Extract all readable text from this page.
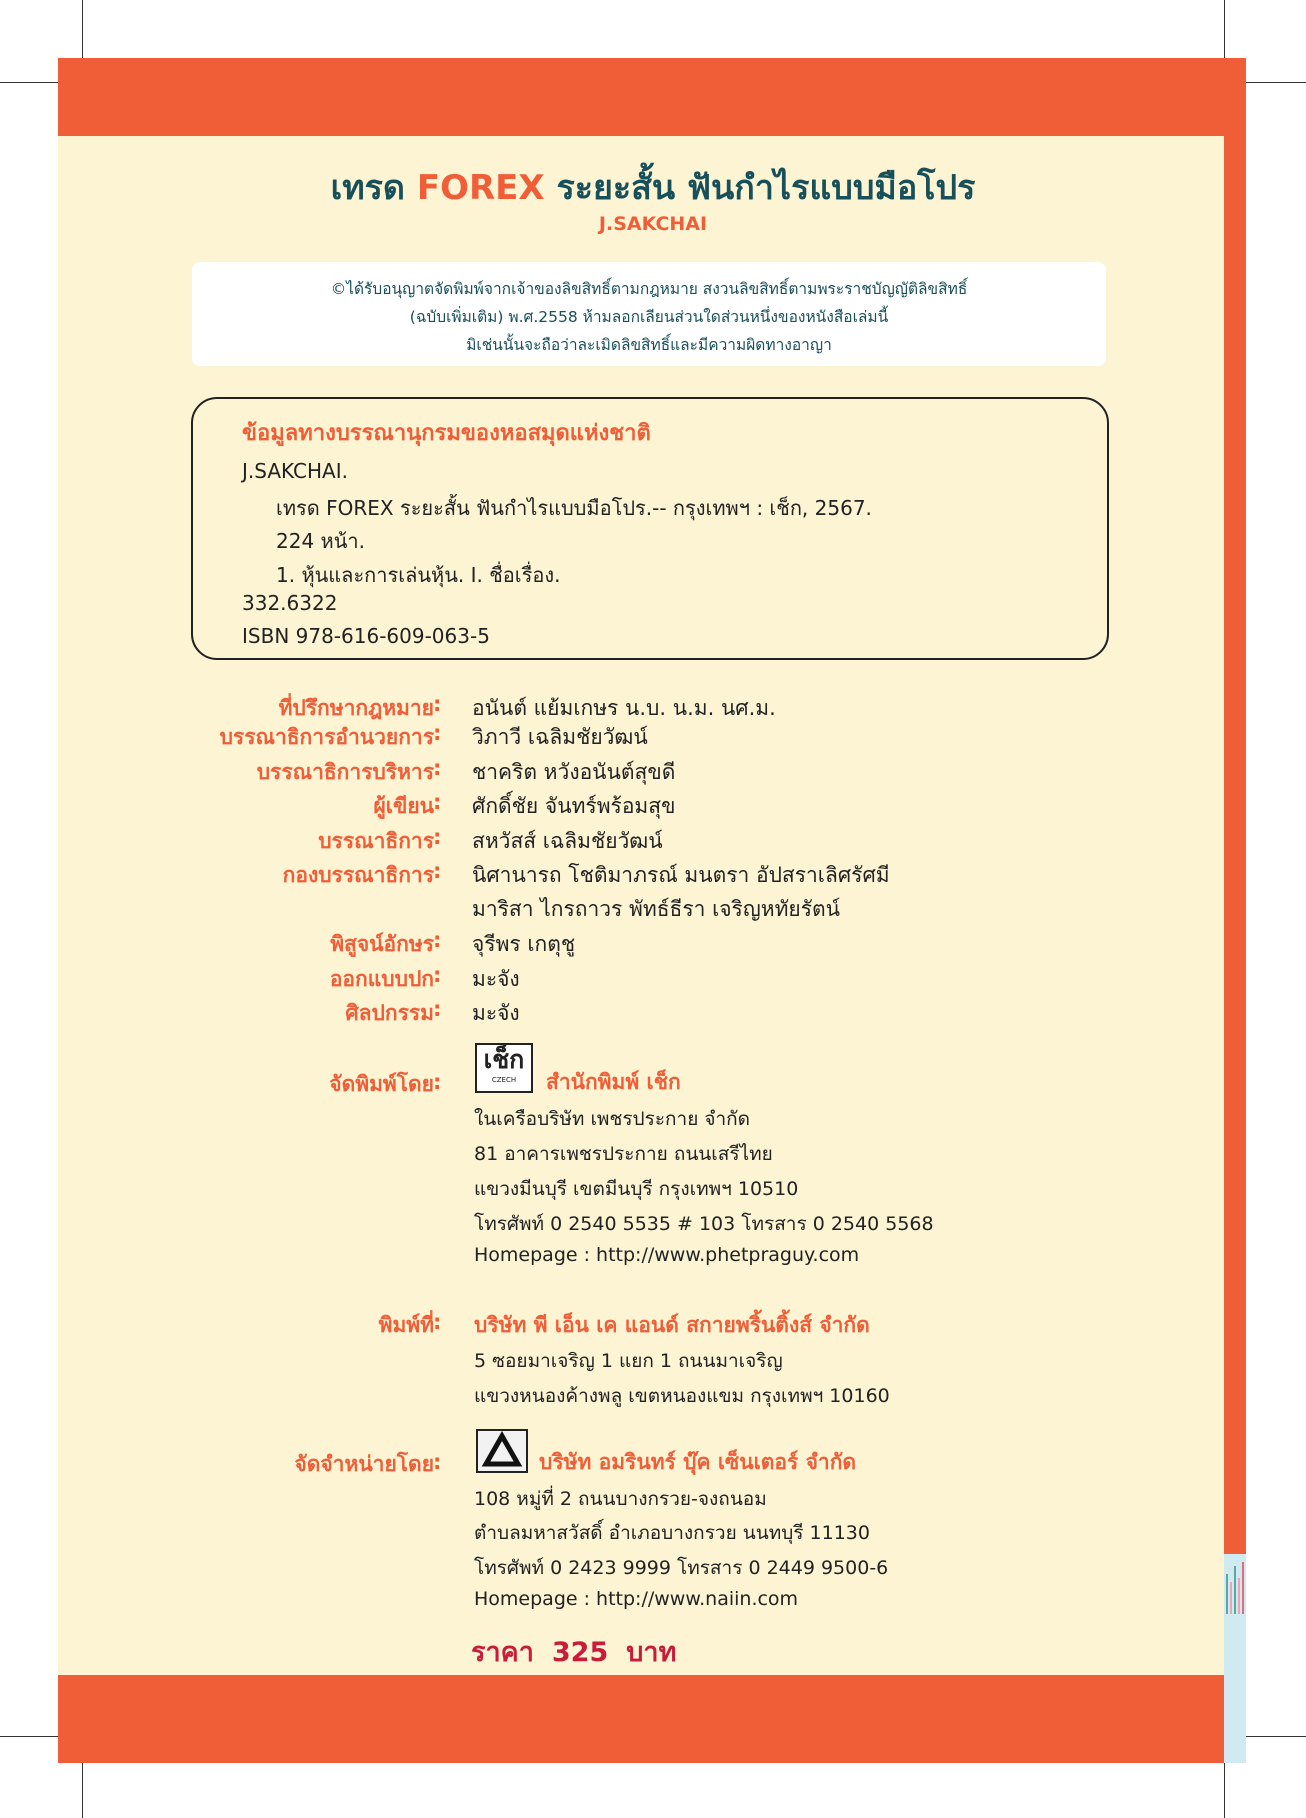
เทรด FOREX ระยะสั้น ฟันกำไรแบบมือโปร
J.SAKCHAI
©ได้รับอนุญาตจัดพิมพ์จากเจ้าของลิขสิทธิ์ตามกฎหมาย สงวนลิขสิทธิ์ตามพระราชบัญญัติลิขสิทธิ์
(ฉบับเพิ่มเติม) พ.ศ.2558 ห้ามลอกเลียนส่วนใดส่วนหนึ่งของหนังสือเล่มนี้
มิเช่นนั้นจะถือว่าละเมิดลิขสิทธิ์และมีความผิดทางอาญา
ข้อมูลทางบรรณานุกรมของหอสมุดแห่งชาติ
J.SAKCHAI.
เทรด FOREX ระยะสั้น ฟันกำไรแบบมือโปร.-- กรุงเทพฯ : เช็ก, 2567.
224 หน้า.
1. หุ้นและการเล่นหุ้น. I. ชื่อเรื่อง.
332.6322
ISBN 978-616-609-063-5
ที่ปรึกษากฎหมาย : อนันต์ แย้มเกษร น.บ. น.ม. นศ.ม.
บรรณาธิการอำนวยการ : วิภาวี เฉลิมชัยวัฒน์
บรรณาธิการบริหาร : ชาคริต หวังอนันต์สุขดี
ผู้เขียน : ศักดิ์ชัย จันทร์พร้อมสุข
บรรณาธิการ : สหวัสส์ เฉลิมชัยวัฒน์
กองบรรณาธิการ : นิศานารถ โชติมาภรณ์ มนตรา อัปสราเลิศรัศมี
มาริสา ไกรถาวร พัทธ์ธีรา เจริญหทัยรัตน์
พิสูจน์อักษร : จุรีพร เกตุชู
ออกแบบปก : มะจัง
ศิลปกรรม : มะจัง
จัดพิมพ์โดย :
เช็ก
CZECH	สำนักพิมพ์ เช็ก
ในเครือบริษัท เพชรประกาย จำกัด
81 อาคารเพชรประกาย ถนนเสรีไทย
แขวงมีนบุรี เขตมีนบุรี กรุงเทพฯ 10510
โทรศัพท์ 0 2540 5535 # 103 โทรสาร 0 2540 5568
Homepage : http://www.phetpraguy.com
พิมพ์ที่ : บริษัท พี เอ็น เค แอนด์ สกายพริ้นติ้งส์ จำกัด
5 ซอยมาเจริญ 1 แยก 1 ถนนมาเจริญ
แขวงหนองค้างพลู เขตหนองแขม กรุงเทพฯ 10160
จัดจำหน่ายโดย :	บริษัท อมรินทร์ บุ๊ค เซ็นเตอร์ จำกัด
108 หมู่ที่ 2 ถนนบางกรวย-จงถนอม
ตำบลมหาสวัสดิ์ อำเภอบางกรวย นนทบุรี 11130
โทรศัพท์ 0 2423 9999 โทรสาร 0 2449 9500-6
Homepage : http://www.naiin.com
ราคา 325 บาท
